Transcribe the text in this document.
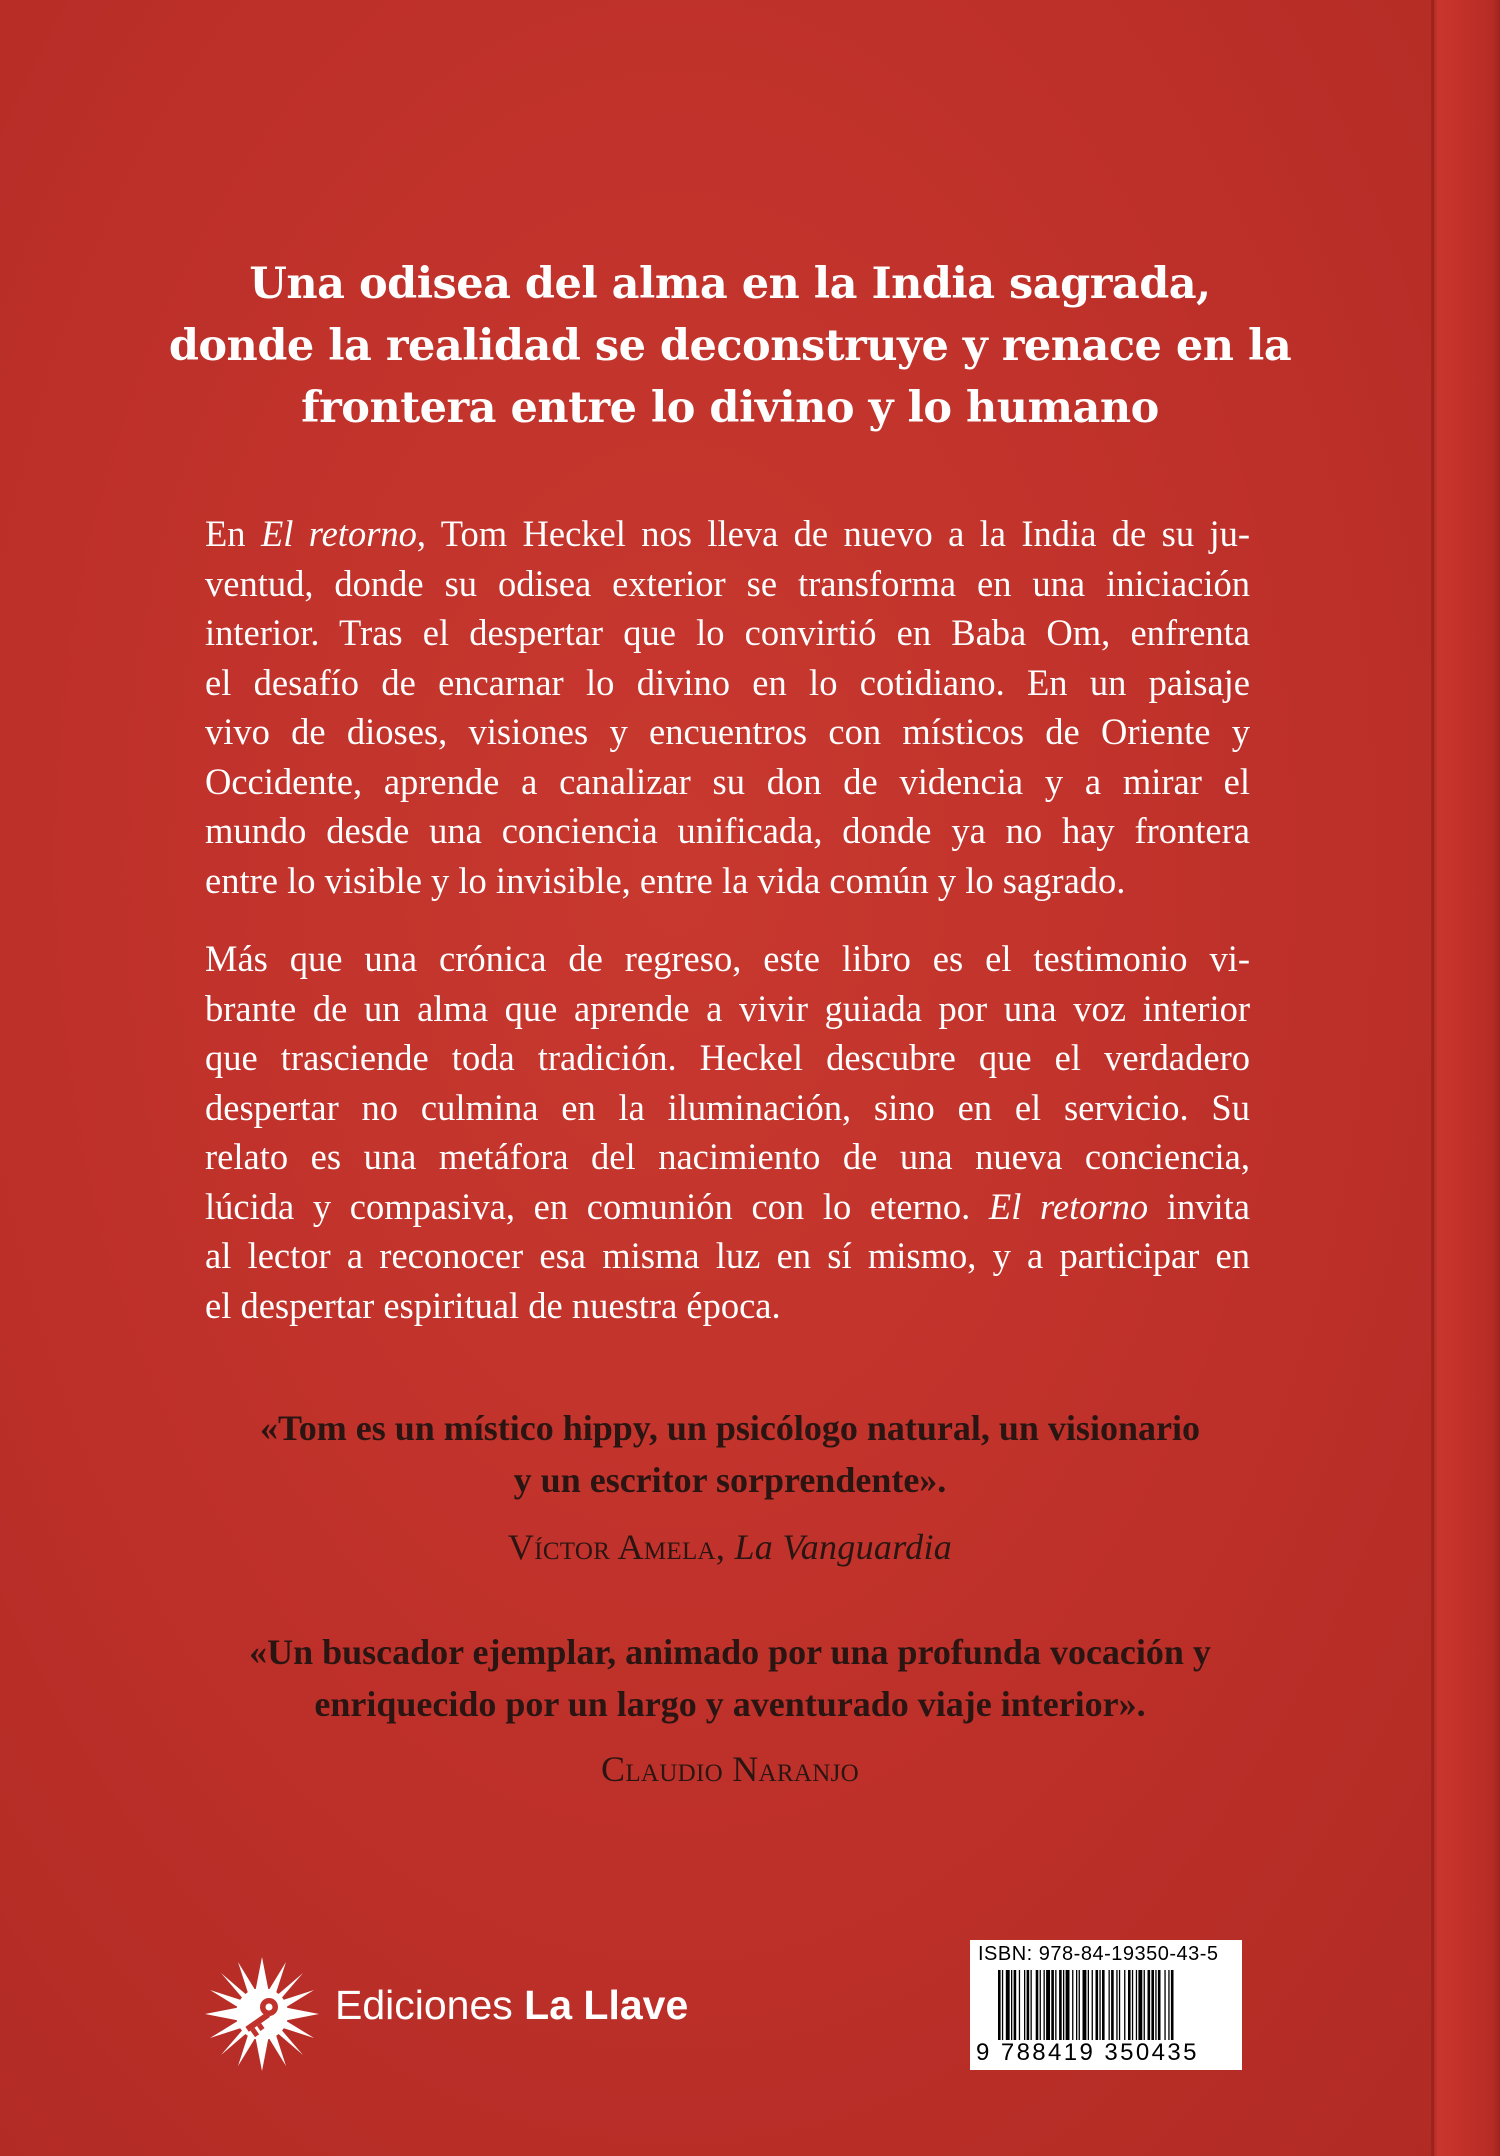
Una odisea del alma en la India sagrada,
donde la realidad se deconstruye y renace en la
frontera entre lo divino y lo humano
En El retorno, Tom Heckel nos lleva de nuevo a la India de su ju-
ventud, donde su odisea exterior se transforma en una iniciación
interior. Tras el despertar que lo convirtió en Baba Om, enfrenta
el desafío de encarnar lo divino en lo cotidiano. En un paisaje
vivo de dioses, visiones y encuentros con místicos de Oriente y
Occidente, aprende a canalizar su don de videncia y a mirar el
mundo desde una conciencia unificada, donde ya no hay frontera
entre lo visible y lo invisible, entre la vida común y lo sagrado.
Más que una crónica de regreso, este libro es el testimonio vi-
brante de un alma que aprende a vivir guiada por una voz interior
que trasciende toda tradición. Heckel descubre que el verdadero
despertar no culmina en la iluminación, sino en el servicio. Su
relato es una metáfora del nacimiento de una nueva conciencia,
lúcida y compasiva, en comunión con lo eterno. El retorno invita
al lector a reconocer esa misma luz en sí mismo, y a participar en
el despertar espiritual de nuestra época.
«Tom es un místico hippy, un psicólogo natural, un visionario
y un escritor sorprendente».
Víctor Amela, La Vanguardia
«Un buscador ejemplar, animado por una profunda vocación y
enriquecido por un largo y aventurado viaje interior».
Claudio Naranjo
Ediciones La Llave
ISBN: 978-84-19350-43-5
9 788419 350435
